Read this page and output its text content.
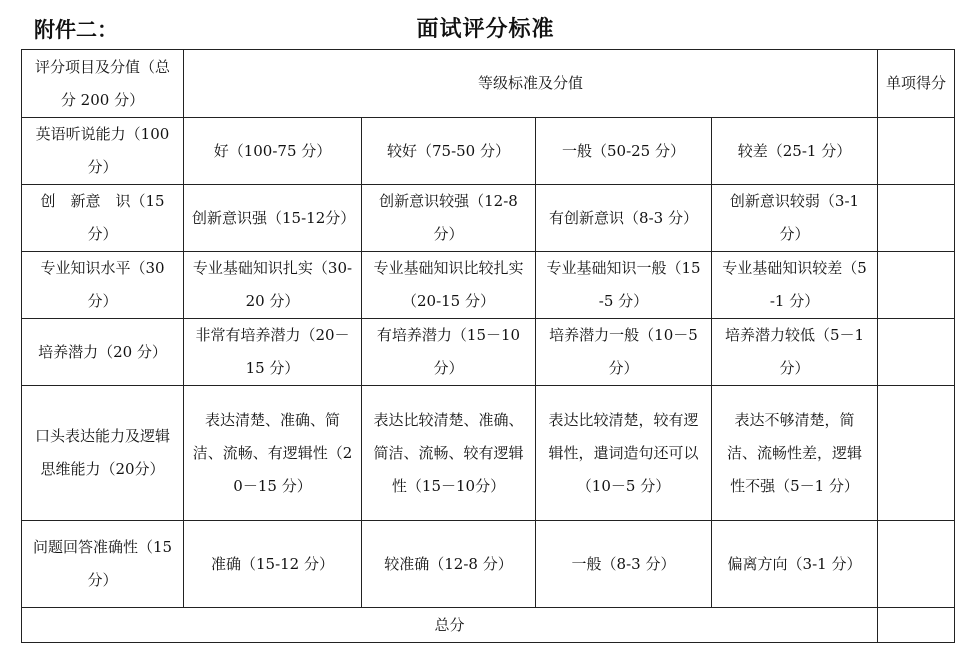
附件二：	面试评分标准
评分项目及分值（总分 200 分）	等级标准及分值				单项得分
英语听说能力（100分）	好（100-75 分）	较好（75-50 分）	一般（50-25 分）	较差（25-1 分）	
创　新意　识（15分）	创新意识强（15-12分）	创新意识较强（12-8分）	有创新意识（8-3 分）	创新意识较弱（3-1分）	
专业知识水平（30分）	专业基础知识扎实（30-20 分）	专业基础知识比较扎实（20-15 分）	专业基础知识一般（15-5 分）	专业基础知识较差（5-1 分）	
培养潜力（20 分）	非常有培养潜力（20－15 分）	有培养潜力（15－10分）	培养潜力一般（10－5 分）	培养潜力较低（5－1 分）	
口头表达能力及逻辑思维能力（20分）	表达清楚、准确、简洁、流畅、有逻辑性（20－15 分）	表达比较清楚、准确、简洁、流畅、较有逻辑性（15－10分）	表达比较清楚，较有逻辑性，遣词造句还可以（10－5 分）	表达不够清楚，简洁、流畅性差，逻辑性不强（5－1 分）	
问题回答准确性（15 分）	准确（15-12 分）	较准确（12-8 分）	一般（8-3 分）	偏离方向（3-1 分）	
总分					
